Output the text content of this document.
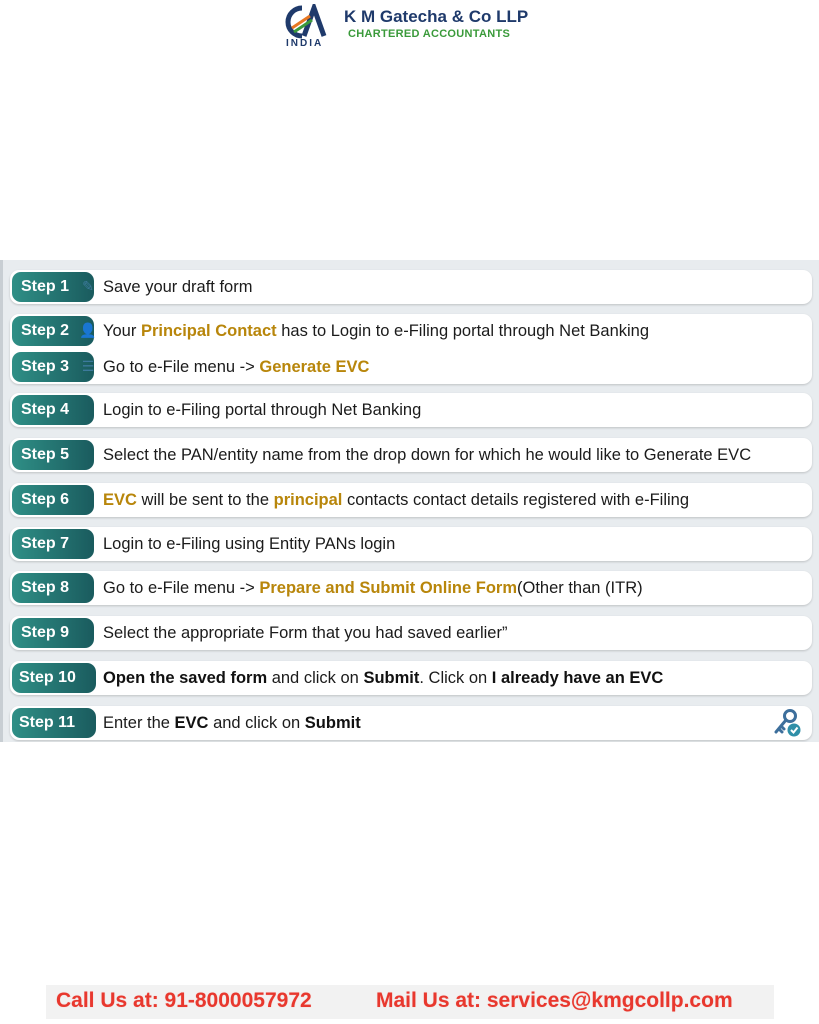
INDIA
K M Gatecha & Co LLP
CHARTERED ACCOUNTANTS
Step 1 ✎ Save your draft form
Step 2 👤 Your Principal Contact has to Login to e-Filing portal through Net Banking
Step 3 ☰ Go to e-File menu -> Generate EVC
Step 4	Login to e-Filing portal through Net Banking
Step 5	Select the PAN/entity name from the drop down for which he would like to Generate EVC
Step 6	EVC will be sent to the principal contacts contact details registered with e-Filing
Step 7	Login to e-Filing using Entity PANs login
Step 8	Go to e-File menu -> Prepare and Submit Online Form(Other than (ITR)
Step 9	Select the appropriate Form that you had saved earlier”
Step 10	Open the saved form and click on Submit. Click on I already have an EVC
Step 11	Enter the EVC and click on Submit
Call Us at: 91-8000057972	Mail Us at: services@kmgcollp.com
